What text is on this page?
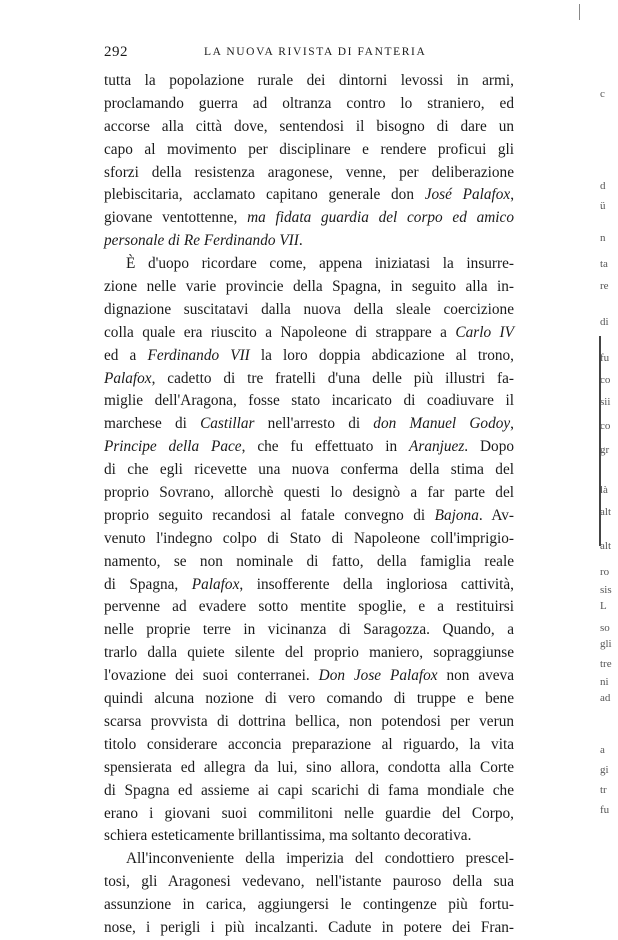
292	LA NUOVA RIVISTA DI FANTERIA
tutta la popolazione rurale dei dintorni levossi in armi,
proclamando guerra ad oltranza contro lo straniero, ed
accorse alla città dove, sentendosi il bisogno di dare un
capo al movimento per disciplinare e rendere proficui gli
sforzi della resistenza aragonese, venne, per deliberazione
plebiscitaria, acclamato capitano generale don José Palafox,
giovane ventottenne, ma fidata guardia del corpo ed amico
personale di Re Ferdinando VII.
È d'uopo ricordare come, appena iniziatasi la insurre-
zione nelle varie provincie della Spagna, in seguito alla in-
dignazione suscitatavi dalla nuova della sleale coercizione
colla quale era riuscito a Napoleone di strappare a Carlo IV
ed a Ferdinando VII la loro doppia abdicazione al trono,
Palafox, cadetto di tre fratelli d'una delle più illustri fa-
miglie dell'Aragona, fosse stato incaricato di coadiuvare il
marchese di Castillar nell'arresto di don Manuel Godoy,
Principe della Pace, che fu effettuato in Aranjuez. Dopo
di che egli ricevette una nuova conferma della stima del
proprio Sovrano, allorchè questi lo designò a far parte del
proprio seguito recandosi al fatale convegno di Bajona. Av-
venuto l'indegno colpo di Stato di Napoleone coll'imprigio-
namento, se non nominale di fatto, della famiglia reale
di Spagna, Palafox, insofferente della ingloriosa cattività,
pervenne ad evadere sotto mentite spoglie, e a restituirsi
nelle proprie terre in vicinanza di Saragozza. Quando, a
trarlo dalla quiete silente del proprio maniero, sopraggiunse
l'ovazione dei suoi conterranei. Don Jose Palafox non aveva
quindi alcuna nozione di vero comando di truppe e bene
scarsa provvista di dottrina bellica, non potendosi per verun
titolo considerare acconcia preparazione al riguardo, la vita
spensierata ed allegra da lui, sino allora, condotta alla Corte
di Spagna ed assieme ai capi scarichi di fama mondiale che
erano i giovani suoi commilitoni nelle guardie del Corpo,
schiera esteticamente brillantissima, ma soltanto decorativa.
All'inconveniente della imperizia del condottiero prescel-
tosi, gli Aragonesi vedevano, nell'istante pauroso della sua
assunzione in carica, aggiungersi le contingenze più fortu-
nose, i perigli i più incalzanti. Cadute in potere dei Fran-
c
d
ü
n
ta
re
di
fu
co
sii
co
gr
là
alt
alt
ro
sis
L
so
gli
tre
ni
ad
a
gi
tr
fu
